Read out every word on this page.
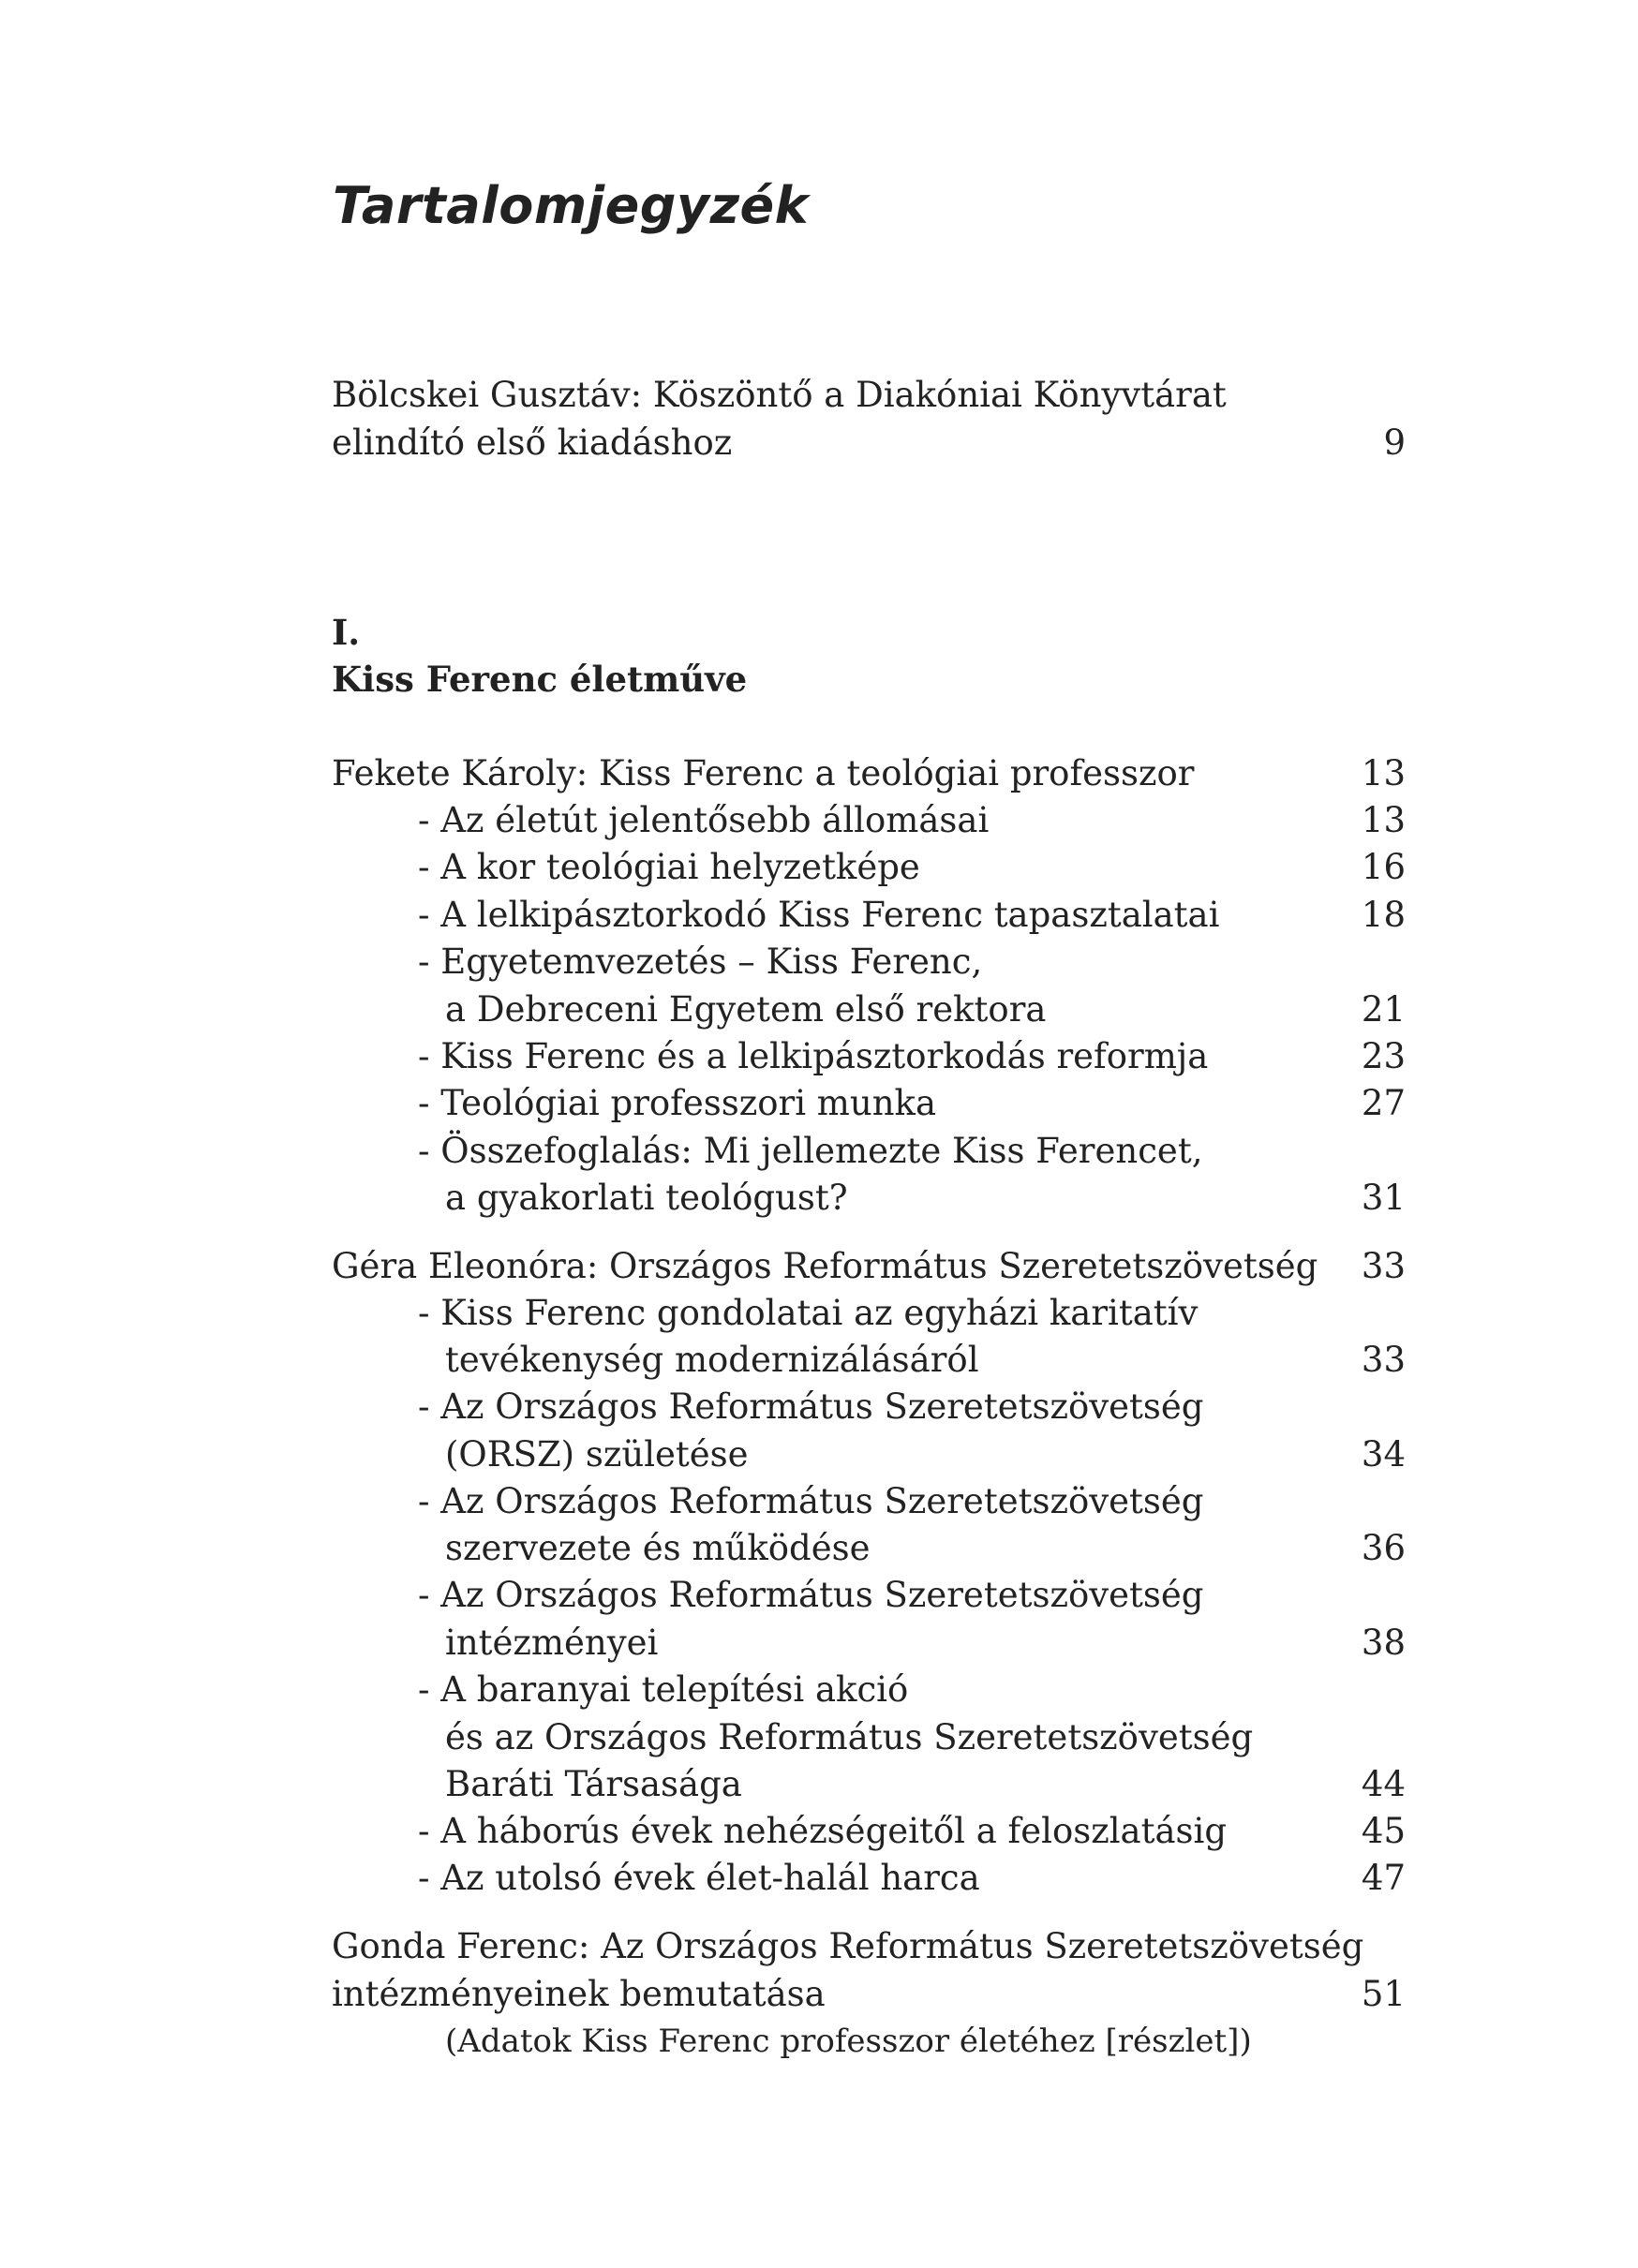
Tartalomjegyzék
Bölcskei Gusztáv: Köszöntő a Diakóniai Könyvtárat
elindító első kiadáshoz	9
I.
Kiss Ferenc életműve
Fekete Károly: Kiss Ferenc a teológiai professzor	13
- Az életút jelentősebb állomásai	13
- A kor teológiai helyzetképe	16
- A lelkipásztorkodó Kiss Ferenc tapasztalatai	18
- Egyetemvezetés – Kiss Ferenc,
a Debreceni Egyetem első rektora	21
- Kiss Ferenc és a lelkipásztorkodás reformja	23
- Teológiai professzori munka	27
- Összefoglalás: Mi jellemezte Kiss Ferencet,
a gyakorlati teológust?	31
Géra Eleonóra: Országos Református Szeretetszövetség 33
- Kiss Ferenc gondolatai az egyházi karitatív
tevékenység modernizálásáról	33
- Az Országos Református Szeretetszövetség
(ORSZ) születése	34
- Az Országos Református Szeretetszövetség
szervezete és működése	36
- Az Országos Református Szeretetszövetség
intézményei	38
- A baranyai telepítési akció
és az Országos Református Szeretetszövetség
Baráti Társasága	44
- A háborús évek nehézségeitől a feloszlatásig	45
- Az utolsó évek élet-halál harca	47
Gonda Ferenc: Az Országos Református Szeretetszövetség
intézményeinek bemutatása	51
(Adatok Kiss Ferenc professzor életéhez [részlet])
